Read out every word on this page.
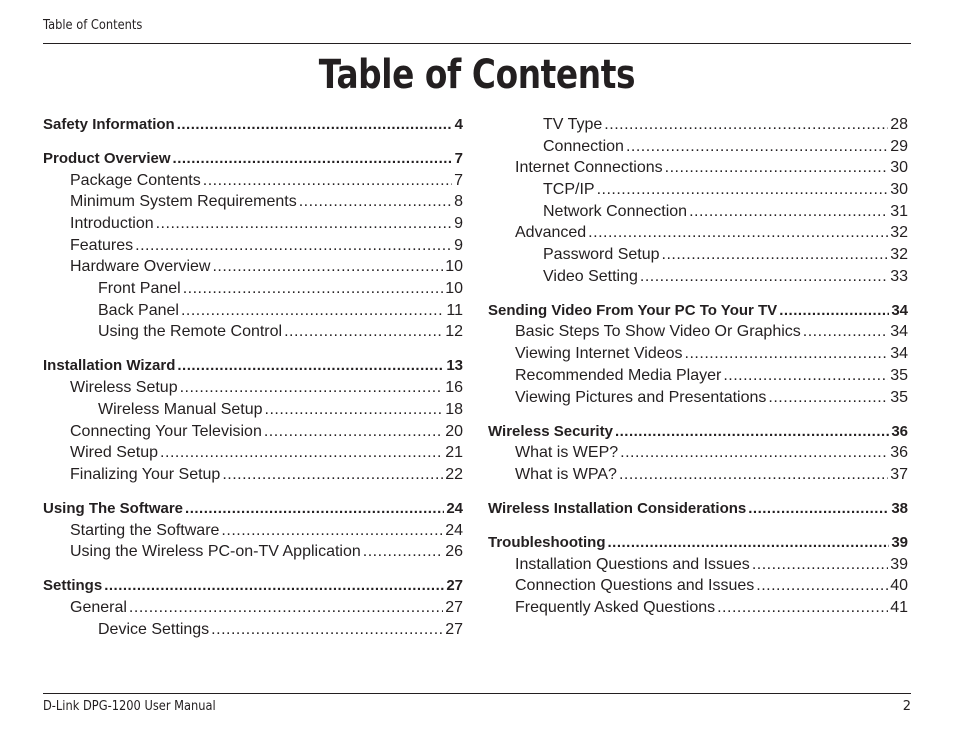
Table of Contents
Table of Contents
Safety Information .....	4
Product Overview .....	7
Package Contents .....	7
Minimum System Requirements .....	8
Introduction .....	9
Features .....	9
Hardware Overview .....	10
Front Panel .....	10
Back Panel .....	11
Using the Remote Control .....	12
Installation Wizard .....	13
Wireless Setup .....	16
Wireless Manual Setup .....	18
Connecting Your Television .....	20
Wired Setup .....	21
Finalizing Your Setup .....	22
Using The Software .....	24
Starting the Software .....	24
Using the Wireless PC-on-TV Application .....	26
Settings .....	27
General .....	27
Device Settings .....	27
TV Type .....	28
Connection .....	29
Internet Connections .....	30
TCP/IP .....	30
Network Connection .....	31
Advanced .....	32
Password Setup .....	32
Video Setting .....	33
Sending Video From Your PC To Your TV .....	34
Basic Steps To Show Video Or Graphics .....	34
Viewing Internet Videos .....	34
Recommended Media Player .....	35
Viewing Pictures and Presentations .....	35
Wireless Security .....	36
What is WEP? .....	36
What is WPA? .....	37
Wireless Installation Considerations .....	38
Troubleshooting .....	39
Installation Questions and Issues .....	39
Connection Questions and Issues .....	40
Frequently Asked Questions .....	41
D-Link DPG-1200 User Manual	2
